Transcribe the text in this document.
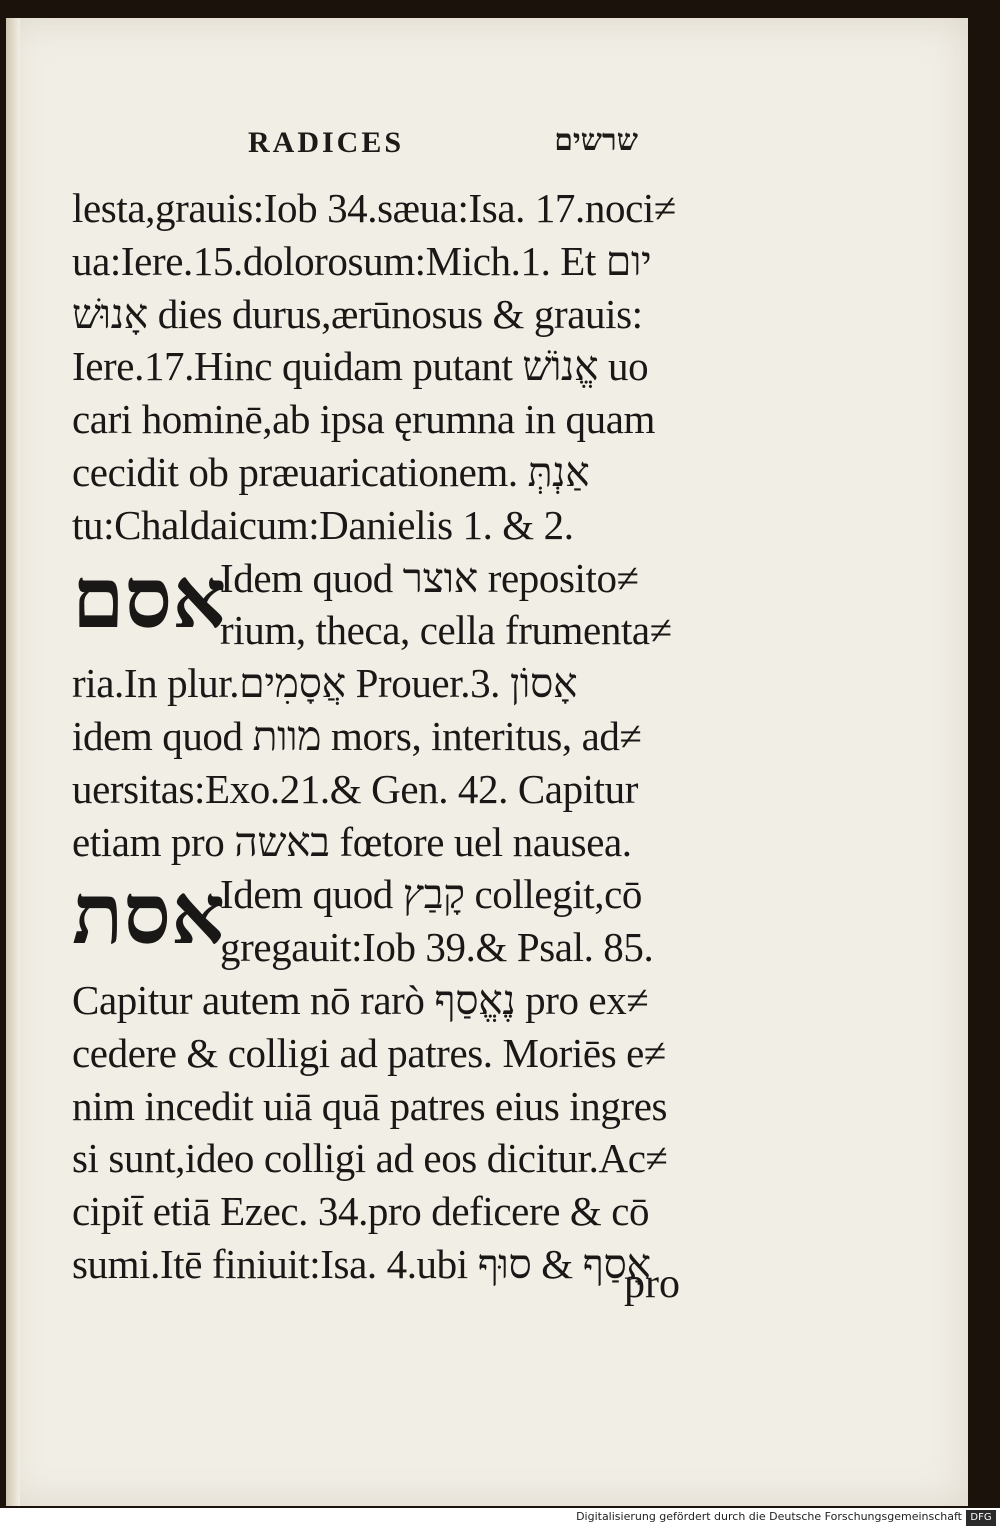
RADICES	שרשים
lesta,grauis:Iob 34.sæua:Isa. 17.noci≠
ua:Iere.15.dolorosum:Mich.1. Et יום
אָנוּשׁ dies durus,ærūnosus & grauis:
Iere.17.Hinc quidam putant אֱנוֹשׁ uo
cari hominē,ab ipsa ęrumna in quam
cecidit ob præuaricationem. אַנְתְּ
tu:Chaldaicum:Danielis 1. & 2.
אסם
Idem quod אוצר reposito≠
rium, theca, cella frumenta≠
ria.In plur.אֲסָמִים Prouer.3. אָסוֹן
idem quod מוות mors, interitus, ad≠
uersitas:Exo.21.& Gen. 42. Capitur
etiam pro באשה fœtore uel nausea.
אסת
Idem quod קָבַץ collegit,cō
gregauit:Iob 39.& Psal. 85.
Capitur autem nō rarò נֶאֱסַף pro ex≠
cedere & colligi ad patres. Moriēs e≠
nim incedit uiā quā patres eius ingres
si sunt,ideo colligi ad eos dicitur.Ac≠
cipit̄ etiā Ezec. 34.pro deficere & cō
sumi.Itē finiuit:Isa. 4.ubi אָסַף & סוּף
pro
Digitalisierung gefördert durch die Deutsche Forschungsgemeinschaft DFG
